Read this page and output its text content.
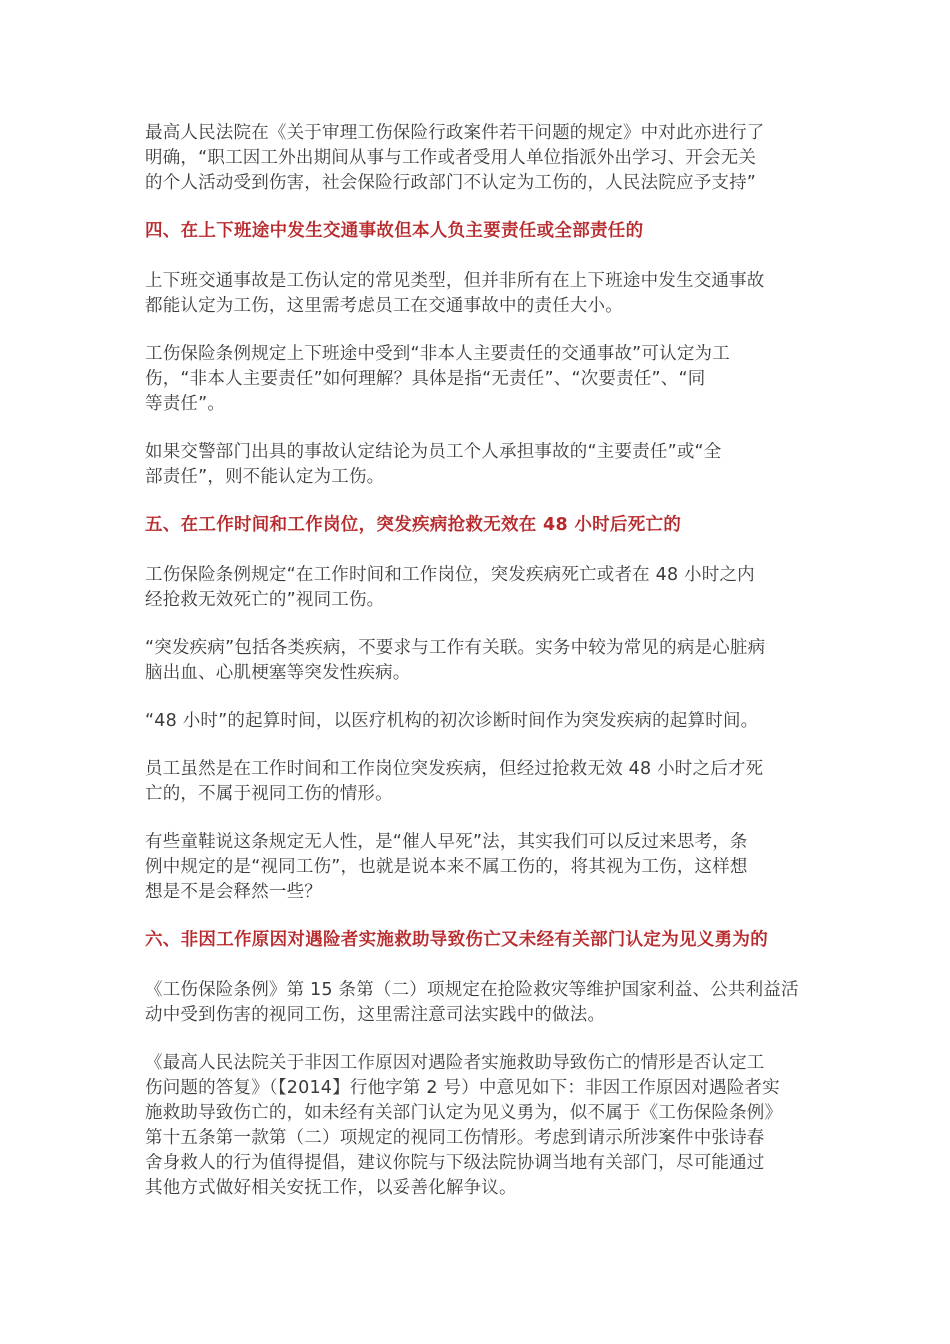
最高人民法院在《关于审理工伤保险行政案件若干问题的规定》中对此亦进行了
明确，“职工因工外出期间从事与工作或者受用人单位指派外出学习、开会无关
的个人活动受到伤害，社会保险行政部门不认定为工伤的，人民法院应予支持”
四、在上下班途中发生交通事故但本人负主要责任或全部责任的
上下班交通事故是工伤认定的常见类型，但并非所有在上下班途中发生交通事故
都能认定为工伤，这里需考虑员工在交通事故中的责任大小。
工伤保险条例规定上下班途中受到“非本人主要责任的交通事故”可认定为工
伤，“非本人主要责任”如何理解？具体是指“无责任”、“次要责任”、“同
等责任”。
如果交警部门出具的事故认定结论为员工个人承担事故的“主要责任”或“全
部责任”，则不能认定为工伤。
五、在工作时间和工作岗位，突发疾病抢救无效在 48 小时后死亡的
工伤保险条例规定“在工作时间和工作岗位，突发疾病死亡或者在 48 小时之内
经抢救无效死亡的”视同工伤。
“突发疾病”包括各类疾病，不要求与工作有关联。实务中较为常见的病是心脏病
脑出血、心肌梗塞等突发性疾病。
“48 小时”的起算时间，以医疗机构的初次诊断时间作为突发疾病的起算时间。
员工虽然是在工作时间和工作岗位突发疾病，但经过抢救无效 48 小时之后才死
亡的，不属于视同工伤的情形。
有些童鞋说这条规定无人性，是“催人早死”法，其实我们可以反过来思考，条
例中规定的是“视同工伤”，也就是说本来不属工伤的，将其视为工伤，这样想
想是不是会释然一些？
六、非因工作原因对遇险者实施救助导致伤亡又未经有关部门认定为见义勇为的
《工伤保险条例》第 15 条第（二）项规定在抢险救灾等维护国家利益、公共利益活
动中受到伤害的视同工伤，这里需注意司法实践中的做法。
《最高人民法院关于非因工作原因对遇险者实施救助导致伤亡的情形是否认定工
伤问题的答复》（【2014】行他字第 2 号）中意见如下：非因工作原因对遇险者实
施救助导致伤亡的，如未经有关部门认定为见义勇为，似不属于《工伤保险条例》
第十五条第一款第（二）项规定的视同工伤情形。考虑到请示所涉案件中张诗春
舍身救人的行为值得提倡，建议你院与下级法院协调当地有关部门，尽可能通过
其他方式做好相关安抚工作，以妥善化解争议。
